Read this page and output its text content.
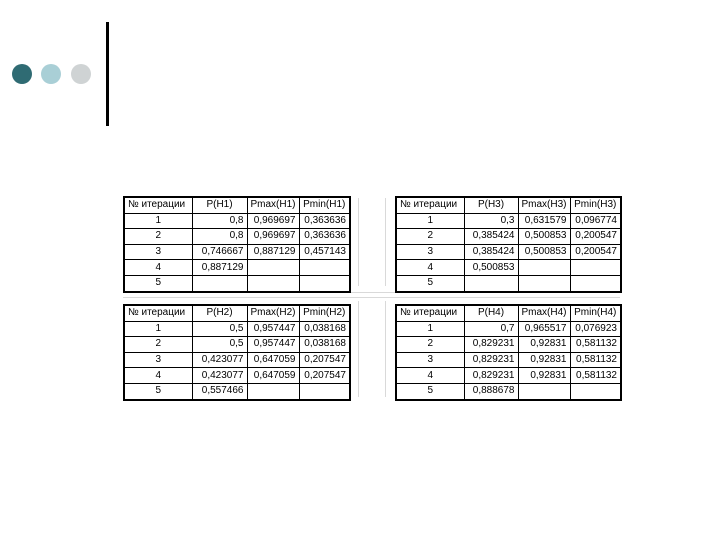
№ итерации	P(H1)	Pmax(H1)	Pmin(H1)
1	0,8	0,969697	0,363636
2	0,8	0,969697	0,363636
3	0,746667	0,887129	0,457143
4	0,887129		
5			
№ итерации	P(H3)	Pmax(H3)	Pmin(H3)
1	0,3	0,631579	0,096774
2	0,385424	0,500853	0,200547
3	0,385424	0,500853	0,200547
4	0,500853		
5			
№ итерации	P(H2)	Pmax(H2)	Pmin(H2)
1	0,5	0,957447	0,038168
2	0,5	0,957447	0,038168
3	0,423077	0,647059	0,207547
4	0,423077	0,647059	0,207547
5	0,557466		
№ итерации	P(H4)	Pmax(H4)	Pmin(H4)
1	0,7	0,965517	0,076923
2	0,829231	0,92831	0,581132
3	0,829231	0,92831	0,581132
4	0,829231	0,92831	0,581132
5	0,888678		
